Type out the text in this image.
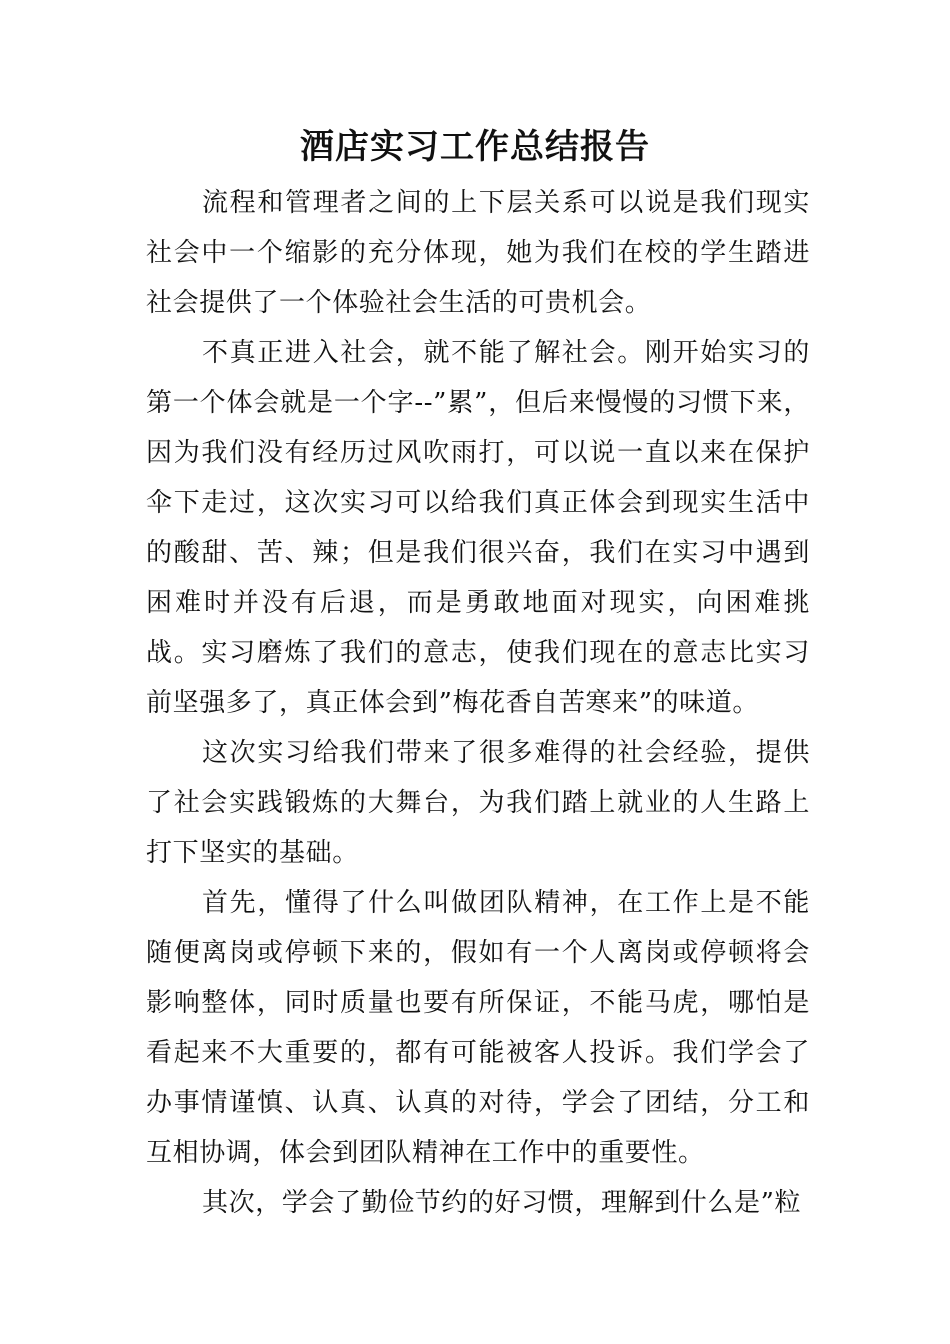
酒店实习工作总结报告

流程和管理者之间的上下层关系可以说是我们现实社会中一个缩影的充分体现，她为我们在校的学生踏进社会提供了一个体验社会生活的可贵机会。

不真正进入社会，就不能了解社会。刚开始实习的第一个体会就是一个字--”累”，但后来慢慢的习惯下来，因为我们没有经历过风吹雨打，可以说一直以来在保护伞下走过，这次实习可以给我们真正体会到现实生活中的酸甜、苦、辣；但是我们很兴奋，我们在实习中遇到困难时并没有后退，而是勇敢地面对现实，向困难挑战。实习磨炼了我们的意志，使我们现在的意志比实习前坚强多了，真正体会到”梅花香自苦寒来”的味道。

这次实习给我们带来了很多难得的社会经验，提供了社会实践锻炼的大舞台，为我们踏上就业的人生路上打下坚实的基础。

首先，懂得了什么叫做团队精神，在工作上是不能随便离岗或停顿下来的，假如有一个人离岗或停顿将会影响整体，同时质量也要有所保证，不能马虎，哪怕是看起来不大重要的，都有可能被客人投诉。我们学会了办事情谨慎、认真、认真的对待，学会了团结，分工和互相协调，体会到团队精神在工作中的重要性。

其次，学会了勤俭节约的好习惯，理解到什么是”粒
